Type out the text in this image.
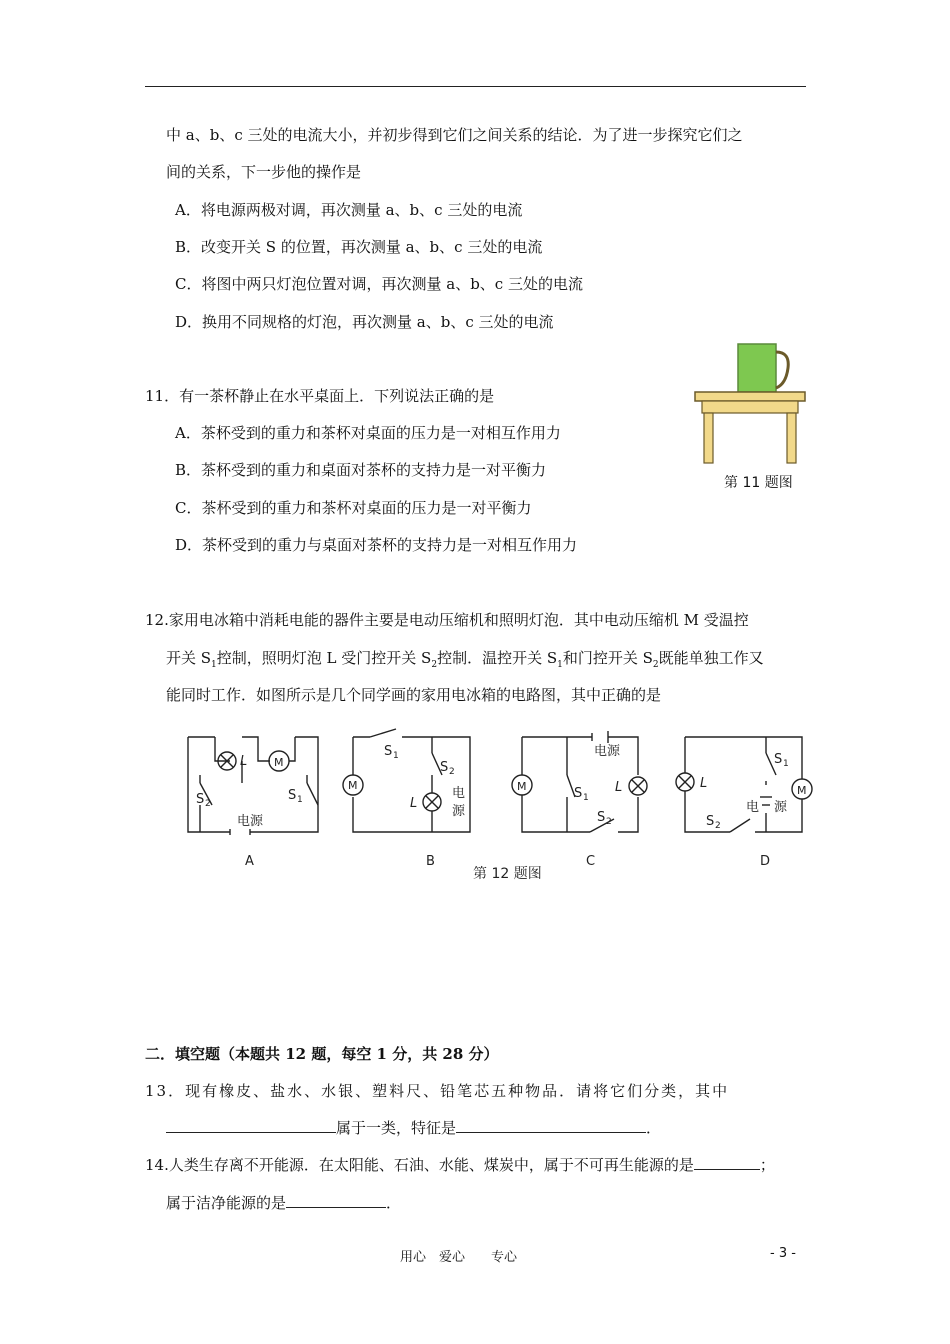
中 a、b、c 三处的电流大小，并初步得到它们之间关系的结论．为了进一步探究它们之
间的关系，下一步他的操作是
A．将电源两极对调，再次测量 a、b、c 三处的电流
B．改变开关 S 的位置，再次测量 a、b、c 三处的电流
C．将图中两只灯泡位置对调，再次测量 a、b、c 三处的电流
D．换用不同规格的灯泡，再次测量 a、b、c 三处的电流
11．有一茶杯静止在水平桌面上．下列说法正确的是
A．茶杯受到的重力和茶杯对桌面的压力是一对相互作用力
B．茶杯受到的重力和桌面对茶杯的支持力是一对平衡力
C．茶杯受到的重力和茶杯对桌面的压力是一对平衡力
D．茶杯受到的重力与桌面对茶杯的支持力是一对相互作用力
第 11 题图
12.家用电冰箱中消耗电能的器件主要是电动压缩机和照明灯泡．其中电动压缩机 M 受温控
开关 $S_1$控制，照明灯泡 L 受门控开关 $S_2$控制．温控开关 $S_1$和门控开关 $S_2$既能单独工作又
能同时工作．如图所示是几个同学画的家用电冰箱的电路图，其中正确的是
L M
S 2
S 1
电源
A
S 1
S 2
M
L
电
源
B
电源
M	S 1
L
S 2
C
L
S 1
电 源
M
S 2
D
第 12 题图
二．填空题（本题共 12 题，每空 1 分，共 28 分）
13．现有橡皮、盐水、水银、塑料尺、铅笔芯五种物品．请将它们分类，其中
属于一类，特征是	．
14.人类生存离不开能源．在太阳能、石油、水能、煤炭中，属于不可再生能源的是	；
属于洁净能源的是	．
用心　爱心　　专心	- 3 -
